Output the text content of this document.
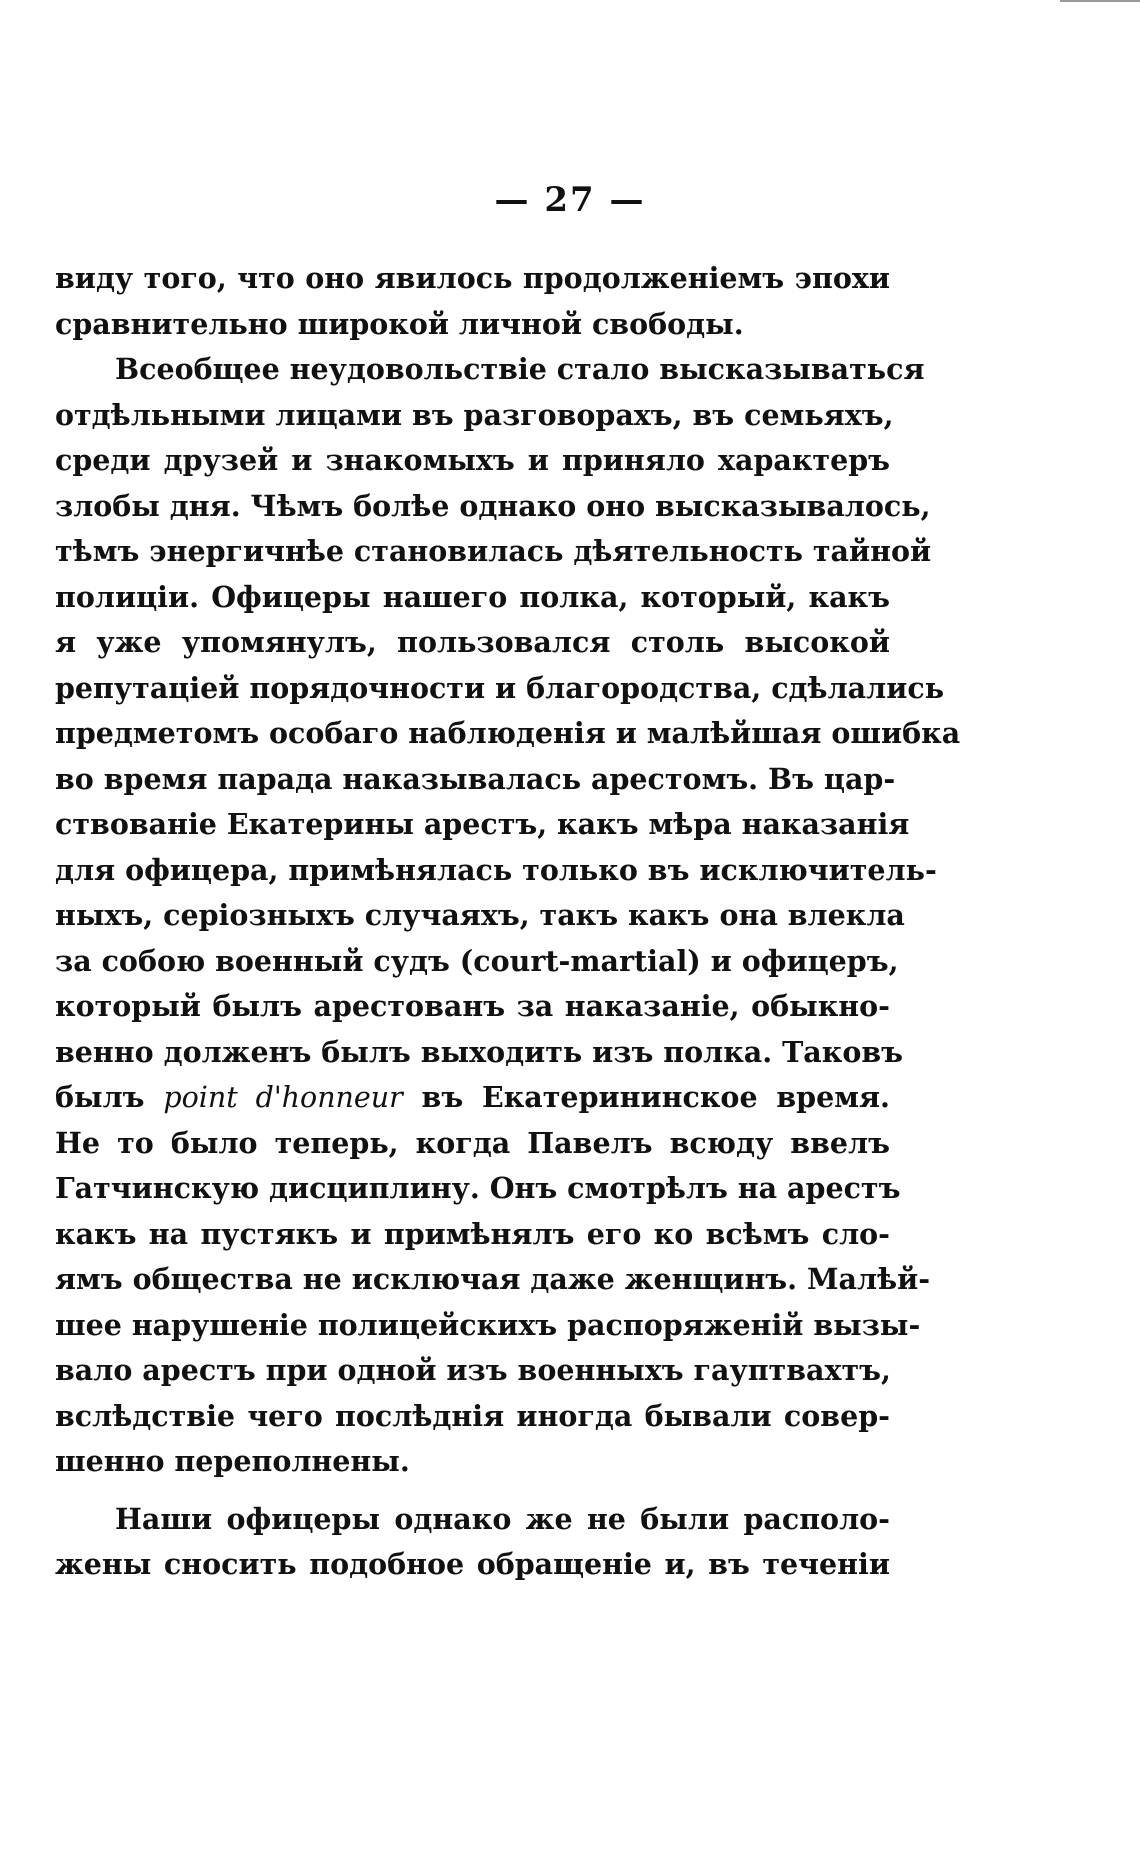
— 27 —
виду того, что оно явилось продолженіемъ эпохи
сравнительно широкой личной свободы.
Всеобщее неудовольствіе стало высказываться
отдѣльными лицами въ разговорахъ, въ семьяхъ,
среди друзей и знакомыхъ и приняло характеръ
злобы дня. Чѣмъ болѣе однако оно высказывалось,
тѣмъ энергичнѣе становилась дѣятельность тайной
полиціи. Офицеры нашего полка, который, какъ
я уже упомянулъ, пользовался столь высокой
репутаціей порядочности и благородства, сдѣлались
предметомъ особаго наблюденія и малѣйшая ошибка
во время парада наказывалась арестомъ. Въ цар-
ствованіе Екатерины арестъ, какъ мѣра наказанія
для офицера, примѣнялась только въ исключитель-
ныхъ, серіозныхъ случаяхъ, такъ какъ она влекла
за собою военный судъ (court-martial) и офицеръ,
который былъ арестованъ за наказаніе, обыкно-
венно долженъ былъ выходить изъ полка. Таковъ
былъ point d'honneur въ Екатерининское время.
Не то было теперь, когда Павелъ всюду ввелъ
Гатчинскую дисциплину. Онъ смотрѣлъ на арестъ
какъ на пустякъ и примѣнялъ его ко всѣмъ сло-
ямъ общества не исключая даже женщинъ. Малѣй-
шее нарушеніе полицейскихъ распоряженій вызы-
вало арестъ при одной изъ военныхъ гауптвахтъ,
вслѣдствіе чего послѣднія иногда бывали совер-
шенно переполнены.
Наши офицеры однако же не были располо-
жены сносить подобное обращеніе и, въ теченіи
